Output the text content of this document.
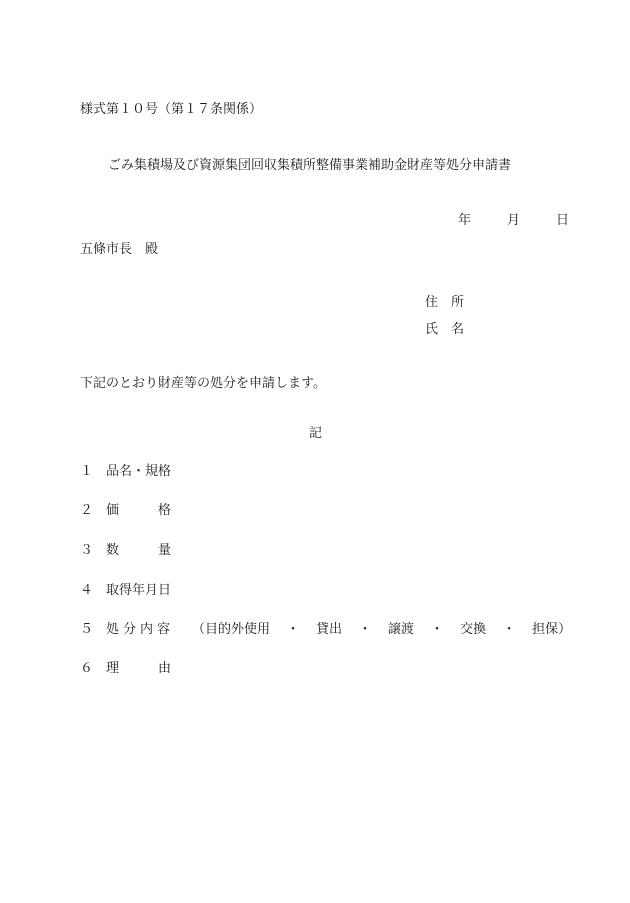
様式第１０号（第１７条関係）
ごみ集積場及び資源集団回収集積所整備事業補助金財産等処分申請書
年	月	日
五條市長　殿
住　所
氏　名
下記のとおり財産等の処分を申請します。
記
１ 品名・規格
２ 価	格
３ 数	量
４ 取得年月日
５ 処分内容 （目的外使用 ・ 貸出 ・ 譲渡 ・ 交換 ・ 担保）
６ 理	由
